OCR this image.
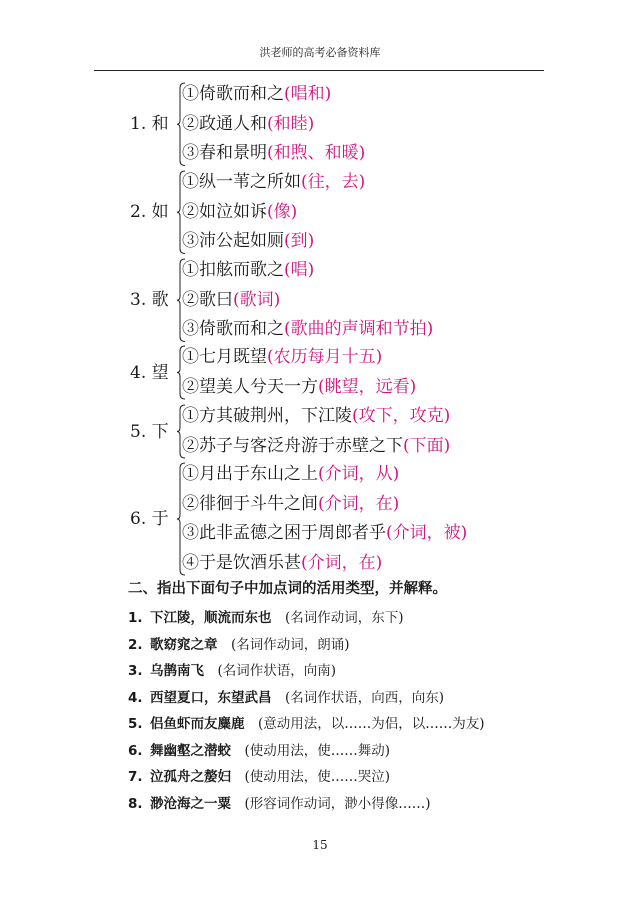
洪老师的高考必备资料库
1. 和
①倚歌而和之(唱和)
②政通人和(和睦)
③春和景明(和煦、和暖)
2. 如
①纵一苇之所如(往，去)
②如泣如诉(像)
③沛公起如厕(到)
3. 歌
①扣舷而歌之(唱)
②歌曰(歌词)
③倚歌而和之(歌曲的声调和节拍)
4. 望
①七月既望(农历每月十五)
②望美人兮天一方(眺望，远看)
5. 下
①方其破荆州，下江陵(攻下，攻克)
②苏子与客泛舟游于赤壁之下(下面)
6. 于
①月出于东山之上(介词，从)
②徘徊于斗牛之间(介词，在)
③此非孟德之困于周郎者乎(介词，被)
④于是饮酒乐甚(介词，在)
二、指出下面句子中加点词的活用类型，并解释。
1. 下江陵，顺流而东也  (名词作动词，东下)
2. 歌窈窕之章  (名词作动词，朗诵)
3. 乌鹊南飞  (名词作状语，向南)
4. 西望夏口，东望武昌  (名词作状语，向西，向东)
5. 侣鱼虾而友麋鹿  (意动用法，以……为侣，以……为友)
6. 舞幽壑之潜蛟  (使动用法，使……舞动)
7. 泣孤舟之嫠妇  (使动用法，使……哭泣)
8. 渺沧海之一粟  (形容词作动词，渺小得像……)
15
